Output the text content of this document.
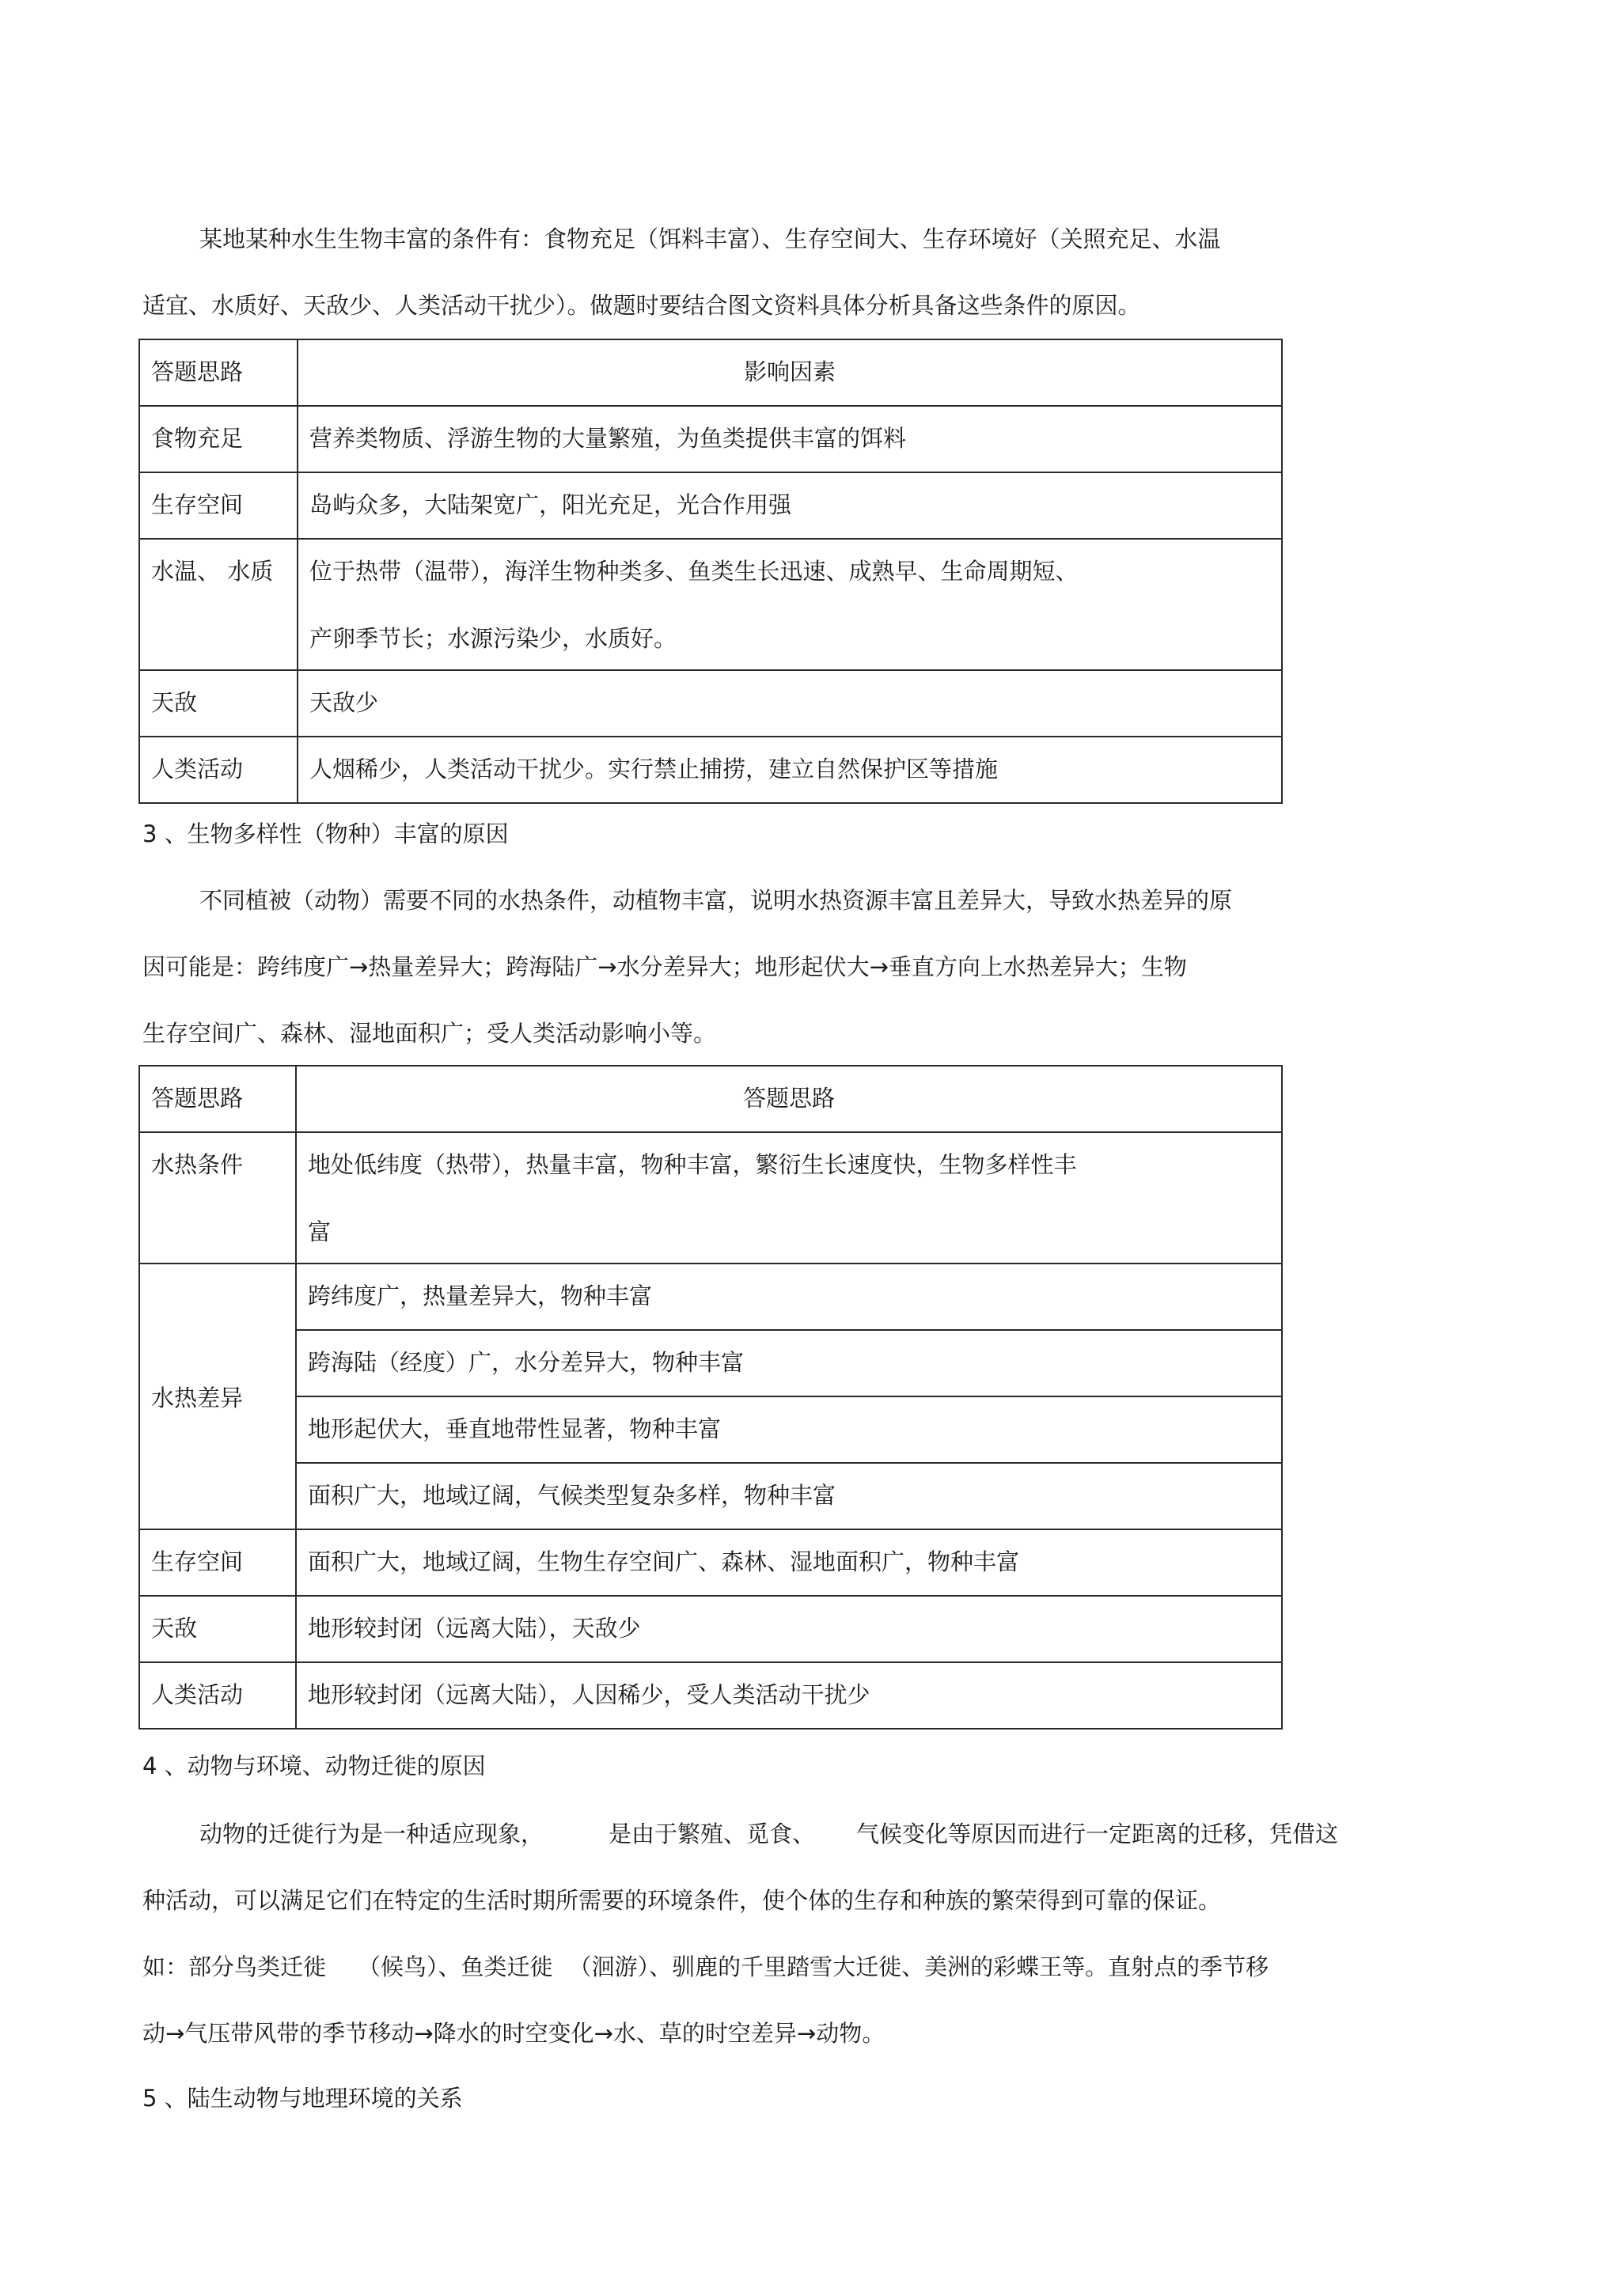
某地某种水生生物丰富的条件有：食物充足（饵料丰富）、生存空间大、生存环境好（关照充足、水温
适宜、水质好、天敌少、人类活动干扰少）。做题时要结合图文资料具体分析具备这些条件的原因。
答题思路	影响因素

食物充足	营养类物质、浮游生物的大量繁殖，为鱼类提供丰富的饵料

生存空间	岛屿众多，大陆架宽广，阳光充足，光合作用强

水温、 水质	位于热带（温带），海洋生物种类多、鱼类生长迅速、成熟早、生命周期短、
产卵季节长；水源污染少，水质好。

天敌	天敌少

人类活动	人烟稀少，人类活动干扰少。实行禁止捕捞，建立自然保护区等措施
3 、生物多样性（物种）丰富的原因
不同植被（动物）需要不同的水热条件，动植物丰富，说明水热资源丰富且差异大，导致水热差异的原
因可能是：跨纬度广→热量差异大；跨海陆广→水分差异大；地形起伏大→垂直方向上水热差异大；生物
生存空间广、森林、湿地面积广；受人类活动影响小等。
答题思路	答题思路

水热条件	地处低纬度（热带），热量丰富，物种丰富，繁衍生长速度快，生物多样性丰
富

水热差异	跨纬度广，热量差异大，物种丰富

	跨海陆（经度）广，水分差异大，物种丰富

	地形起伏大，垂直地带性显著，物种丰富

	面积广大，地域辽阔，气候类型复杂多样，物种丰富

生存空间	面积广大，地域辽阔，生物生存空间广、森林、湿地面积广，物种丰富

天敌	地形较封闭（远离大陆），天敌少

人类活动	地形较封闭（远离大陆），人因稀少，受人类活动干扰少
4 、动物与环境、动物迁徙的原因
动物的迁徙行为是一种适应现象，	是由于繁殖、觅食、 气候变化等原因而进行一定距离的迁移，凭借这
种活动，可以满足它们在特定的生活时期所需要的环境条件，使个体的生存和种族的繁荣得到可靠的保证。
如：部分鸟类迁徙 （候鸟）、鱼类迁徙 （洄游）、驯鹿的千里踏雪大迁徙、美洲的彩蝶王等。直射点的季节移
动→气压带风带的季节移动→降水的时空变化→水、草的时空差异→动物。
5 、陆生动物与地理环境的关系
